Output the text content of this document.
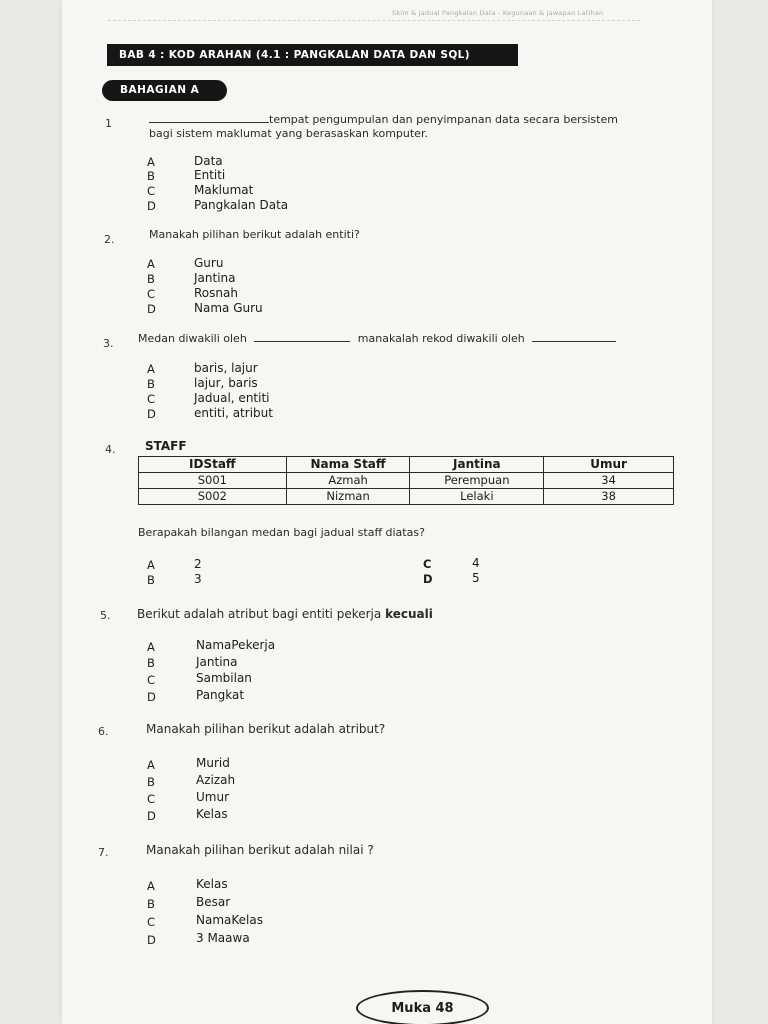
Skim & Jadual Pangkalan Data - Kegunaan & Jawapan Latihan
BAB 4 : KOD ARAHAN (4.1 : PANGKALAN DATA DAN SQL)
BAHAGIAN A
1	tempat pengumpulan dan penyimpanan data secara bersistem
bagi sistem maklumat yang berasaskan komputer.
A	Data
B	Entiti
C	Maklumat
D	Pangkalan Data
2.	Manakah pilihan berikut adalah entiti?
A	Guru
B	Jantina
C	Rosnah
D	Nama Guru
3. Medan diwakili oleh	manakalah rekod diwakili oleh
A	baris, lajur
B	lajur, baris
C	Jadual, entiti
D	entiti, atribut
4. STAFF
IDStaff	Nama Staff	Jantina	Umur
S001	Azmah	Perempuan	34
S002	Nizman	Lelaki	38
Berapakah bilangan medan bagi jadual staff diatas?
A	2
B	3
C	4
D	5
5. Berikut adalah atribut bagi entiti pekerja kecuali
A	NamaPekerja
B	Jantina
C	Sambilan
D	Pangkat
6.	Manakah pilihan berikut adalah atribut?
A	Murid
B	Azizah
C	Umur
D	Kelas
7.	Manakah pilihan berikut adalah nilai ?
A	Kelas
B	Besar
C	NamaKelas
D	3 Maawa
Muka 48
